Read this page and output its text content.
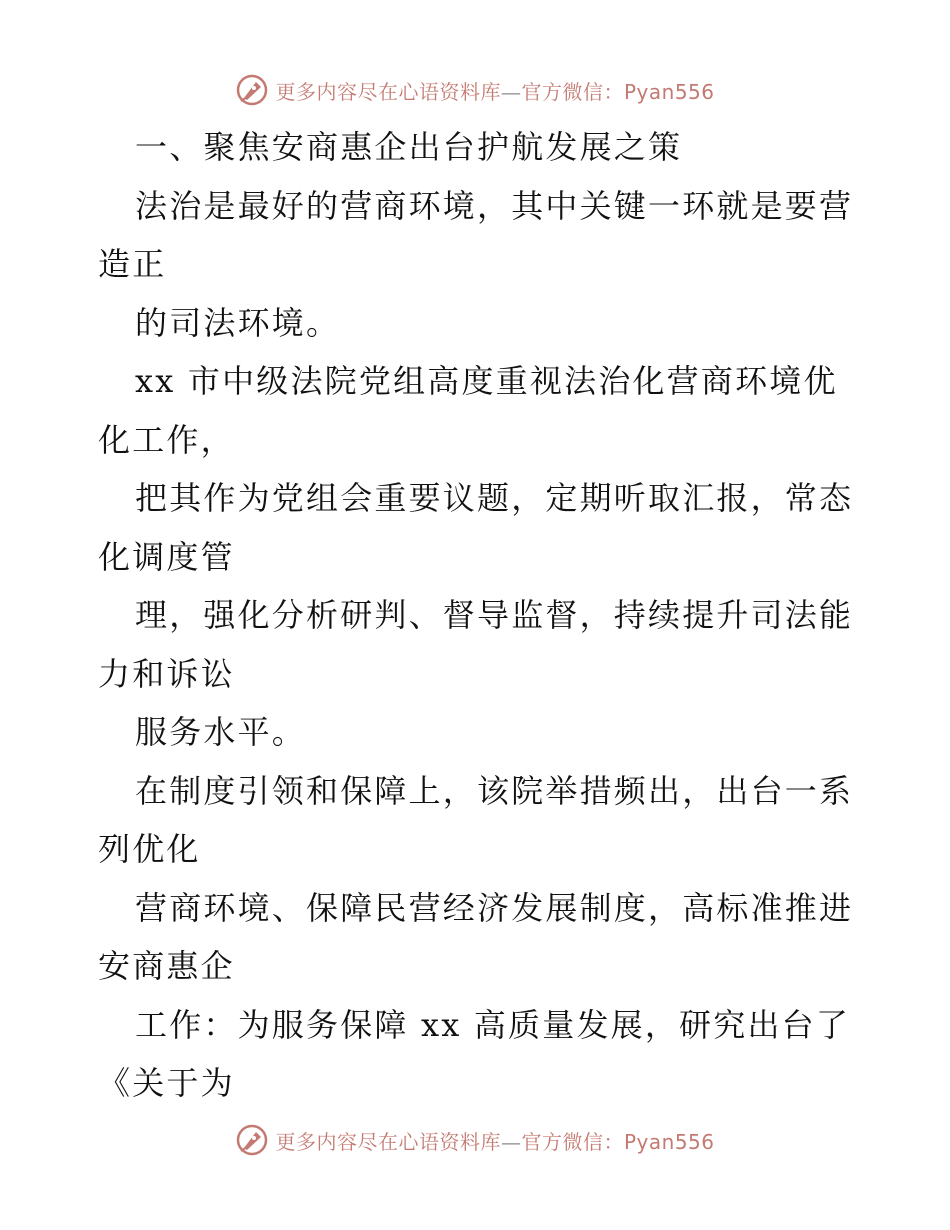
更多内容尽在心语资料库—官方微信：Pyan556
一、聚焦安商惠企出台护航发展之策
法治是最好的营商环境，其中关键一环就是要营
造正
的司法环境。
xx 市中级法院党组高度重视法治化营商环境优
化工作，
把其作为党组会重要议题，定期听取汇报，常态
化调度管
理，强化分析研判、督导监督，持续提升司法能
力和诉讼
服务水平。
在制度引领和保障上，该院举措频出，出台一系
列优化
营商环境、保障民营经济发展制度，高标准推进
安商惠企
工作：为服务保障 xx 高质量发展，研究出台了
《关于为
更多内容尽在心语资料库—官方微信：Pyan556
